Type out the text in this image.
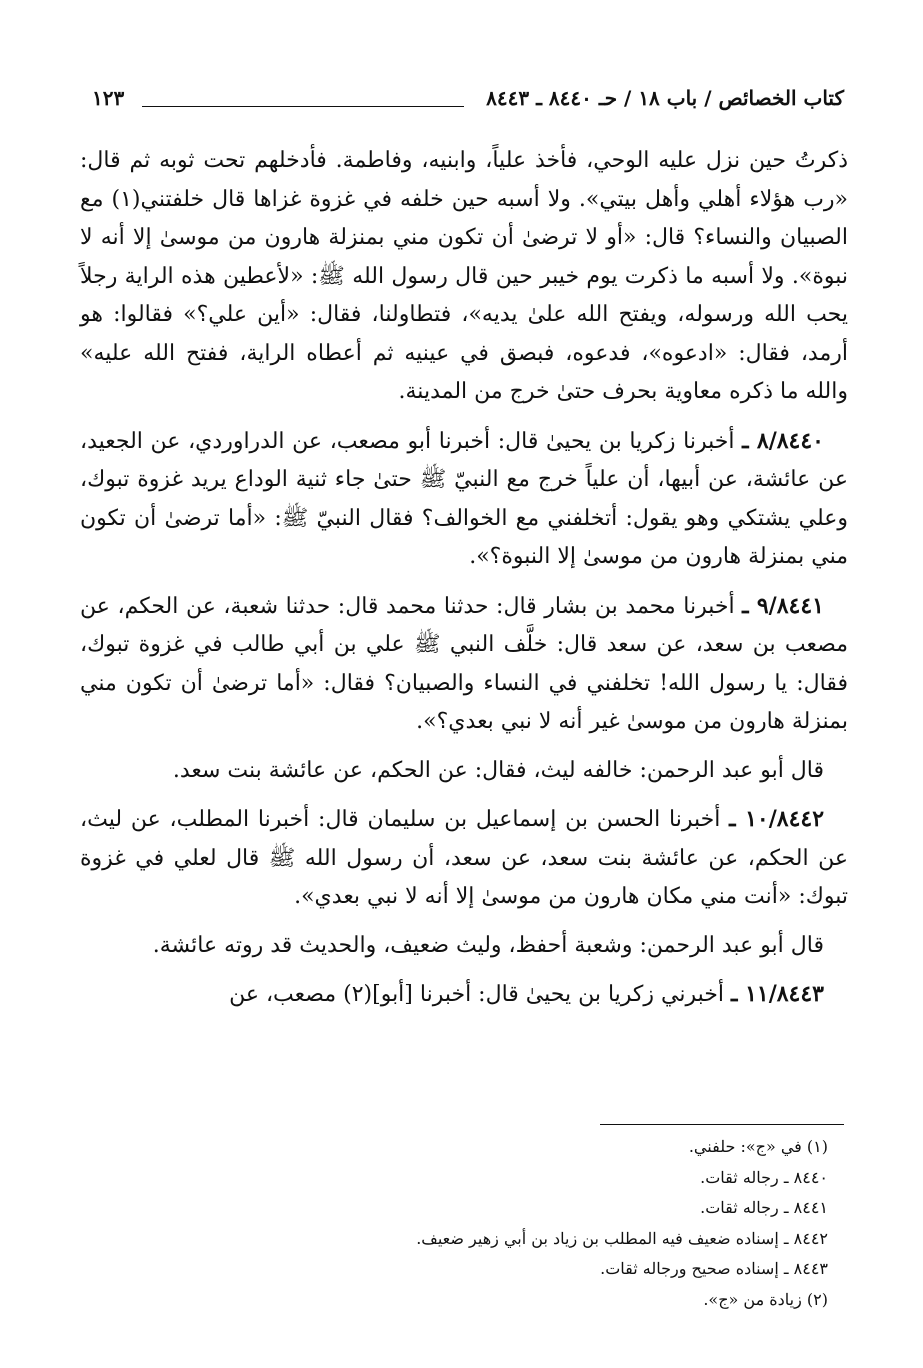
كتاب الخصائص / باب ١٨ / حـ ٨٤٤٠ ـ ٨٤٤٣
١٢٣

ذكرتُ حين نزل عليه الوحي، فأخذ علياً، وابنيه، وفاطمة. فأدخلهم تحت ثوبه ثم قال: «رب هؤلاء أهلي وأهل بيتي». ولا أسبه حين خلفه في غزوة غزاها قال خلفتني(١) مع الصبيان والنساء؟ قال: «أو لا ترضىٰ أن تكون مني بمنزلة هارون من موسىٰ إلا أنه لا نبوة». ولا أسبه ما ذكرت يوم خيبر حين قال رسول الله ﷺ: «لأعطين هذه الراية رجلاً يحب الله ورسوله، ويفتح الله علىٰ يديه»، فتطاولنا، فقال: «أين علي؟» فقالوا: هو أرمد، فقال: «ادعوه»، فدعوه، فبصق في عينيه ثم أعطاه الراية، ففتح الله عليه» والله ما ذكره معاوية بحرف حتىٰ خرج من المدينة.

٨/٨٤٤٠ ـ أخبرنا زكريا بن يحيىٰ قال: أخبرنا أبو مصعب، عن الدراوردي، عن الجعيد، عن عائشة، عن أبيها، أن علياً خرج مع النبيّ ﷺ حتىٰ جاء ثنية الوداع يريد غزوة تبوك، وعلي يشتكي وهو يقول: أتخلفني مع الخوالف؟ فقال النبيّ ﷺ: «أما ترضىٰ أن تكون مني بمنزلة هارون من موسىٰ إلا النبوة؟».

٩/٨٤٤١ ـ أخبرنا محمد بن بشار قال: حدثنا محمد قال: حدثنا شعبة، عن الحكم، عن مصعب بن سعد، عن سعد قال: خلَّف النبي ﷺ علي بن أبي طالب في غزوة تبوك، فقال: يا رسول الله! تخلفني في النساء والصبيان؟ فقال: «أما ترضىٰ أن تكون مني بمنزلة هارون من موسىٰ غير أنه لا نبي بعدي؟».

قال أبو عبد الرحمن: خالفه ليث، فقال: عن الحكم، عن عائشة بنت سعد.

١٠/٨٤٤٢ ـ أخبرنا الحسن بن إسماعيل بن سليمان قال: أخبرنا المطلب، عن ليث، عن الحكم، عن عائشة بنت سعد، عن سعد، أن رسول الله ﷺ قال لعلي في غزوة تبوك: «أنت مني مكان هارون من موسىٰ إلا أنه لا نبي بعدي».

قال أبو عبد الرحمن: وشعبة أحفظ، وليث ضعيف، والحديث قد روته عائشة.

١١/٨٤٤٣ ـ أخبرني زكريا بن يحيىٰ قال: أخبرنا [أبو](٢) مصعب، عن

(١) في «ج»: حلفني.

٨٤٤٠ ـ رجاله ثقات.

٨٤٤١ ـ رجاله ثقات.

٨٤٤٢ ـ إسناده ضعيف فيه المطلب بن زياد بن أبي زهير ضعيف.

٨٤٤٣ ـ إسناده صحيح ورجاله ثقات.

(٢) زيادة من «ج».
